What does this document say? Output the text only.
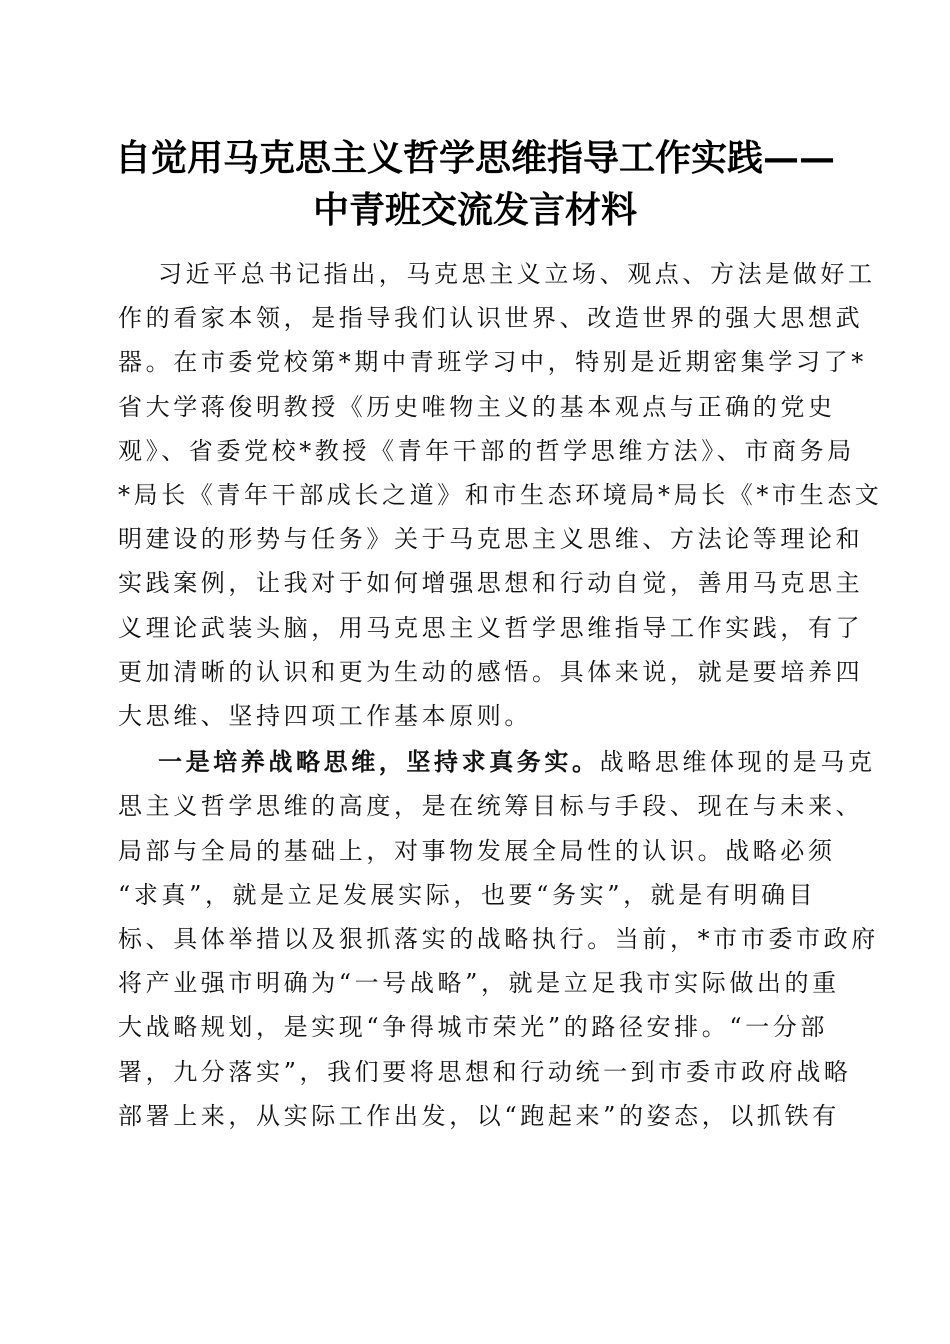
自觉用马克思主义哲学思维指导工作实践——
中青班交流发言材料
习近平总书记指出，马克思主义立场、观点、方法是做好工
作的看家本领，是指导我们认识世界、改造世界的强大思想武
器。在市委党校第*期中青班学习中，特别是近期密集学习了*
省大学蒋俊明教授《历史唯物主义的基本观点与正确的党史
观》、省委党校*教授《青年干部的哲学思维方法》、市商务局
*局长《青年干部成长之道》和市生态环境局*局长《*市生态文
明建设的形势与任务》关于马克思主义思维、方法论等理论和
实践案例，让我对于如何增强思想和行动自觉，善用马克思主
义理论武装头脑，用马克思主义哲学思维指导工作实践，有了
更加清晰的认识和更为生动的感悟。具体来说，就是要培养四
大思维、坚持四项工作基本原则。
一是培养战略思维，坚持求真务实。战略思维体现的是马克
思主义哲学思维的高度，是在统筹目标与手段、现在与未来、
局部与全局的基础上，对事物发展全局性的认识。战略必须
“求真”，就是立足发展实际，也要“务实”，就是有明确目
标、具体举措以及狠抓落实的战略执行。当前，*市市委市政府
将产业强市明确为“一号战略”，就是立足我市实际做出的重
大战略规划，是实现“争得城市荣光”的路径安排。“一分部
署，九分落实”，我们要将思想和行动统一到市委市政府战略
部署上来，从实际工作出发，以“跑起来”的姿态，以抓铁有
